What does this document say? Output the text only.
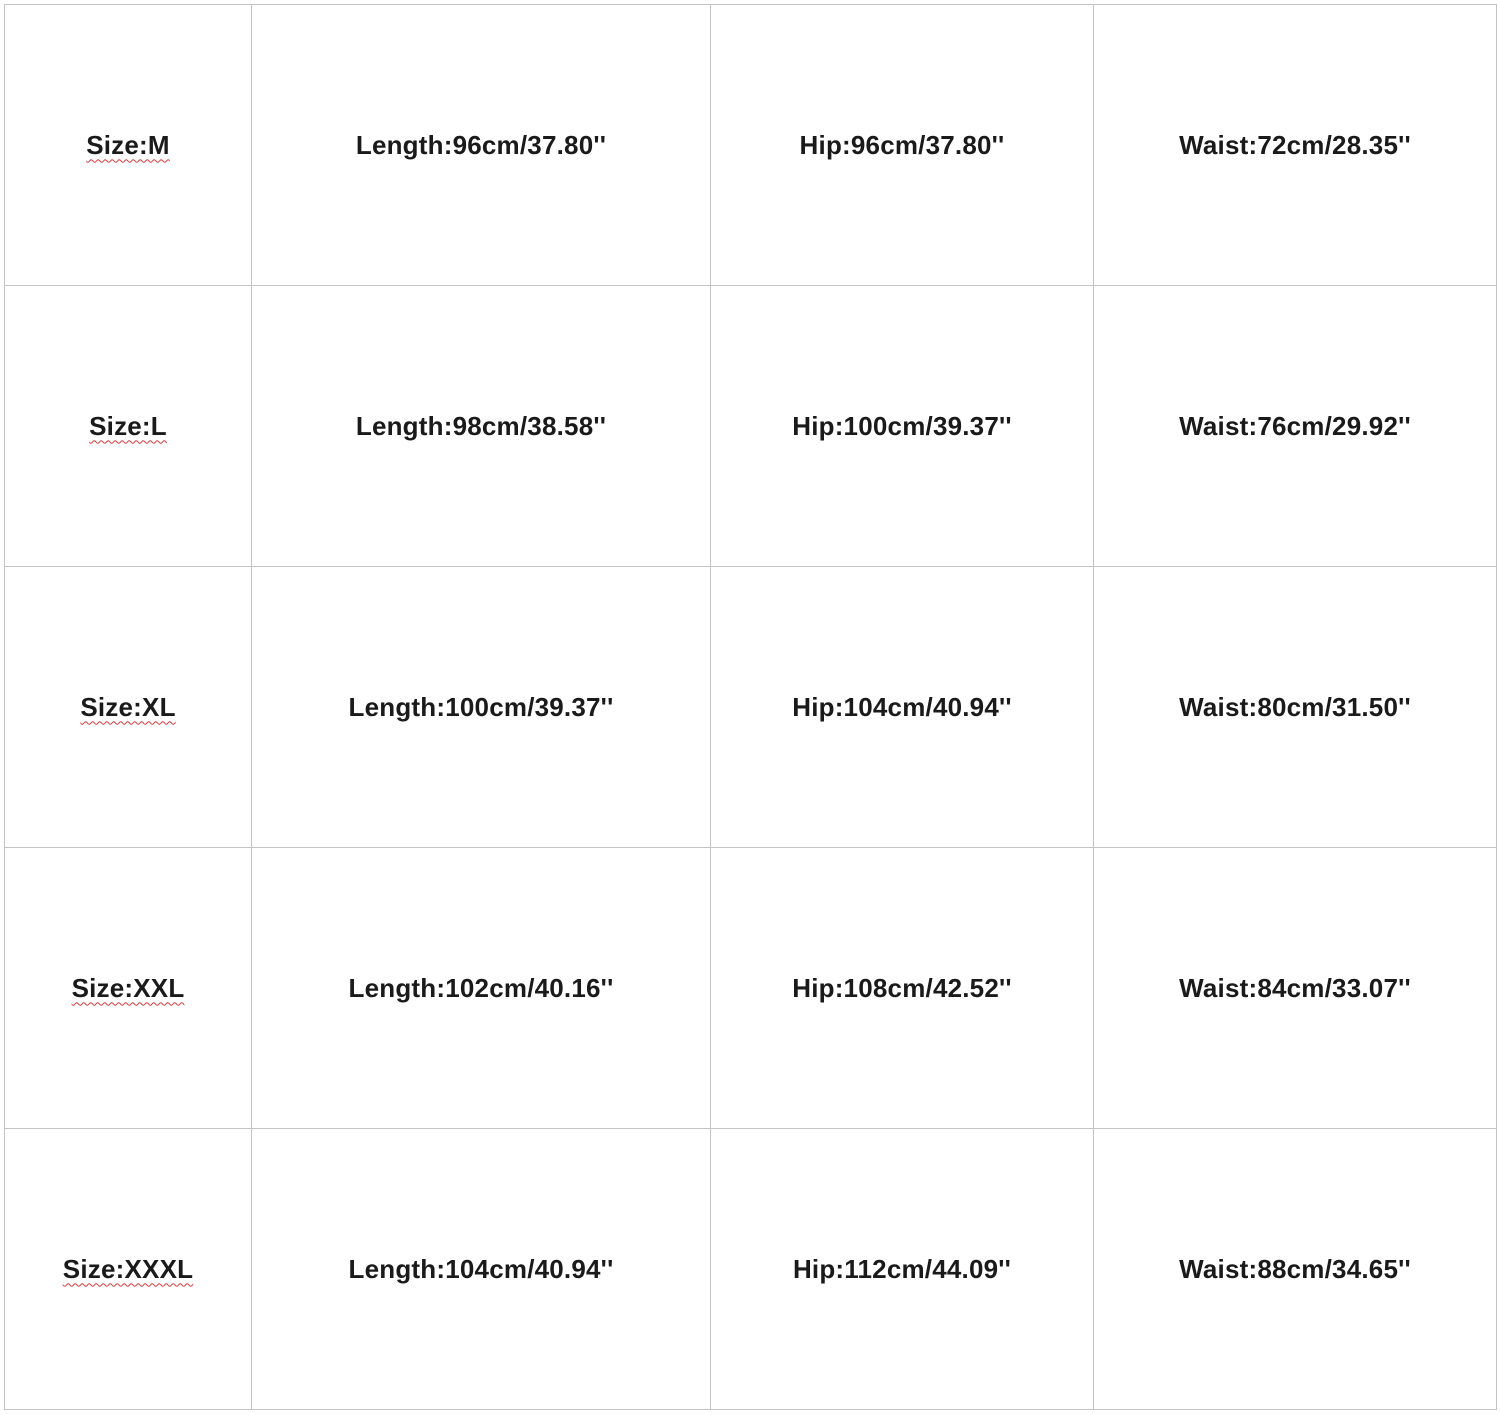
Size:M	Length:96cm/37.80''	Hip:96cm/37.80''	Waist:72cm/28.35''
Size:L	Length:98cm/38.58''	Hip:100cm/39.37''	Waist:76cm/29.92''
Size:XL	Length:100cm/39.37''	Hip:104cm/40.94''	Waist:80cm/31.50''
Size:XXL	Length:102cm/40.16''	Hip:108cm/42.52''	Waist:84cm/33.07''
Size:XXXL	Length:104cm/40.94''	Hip:112cm/44.09''	Waist:88cm/34.65''
